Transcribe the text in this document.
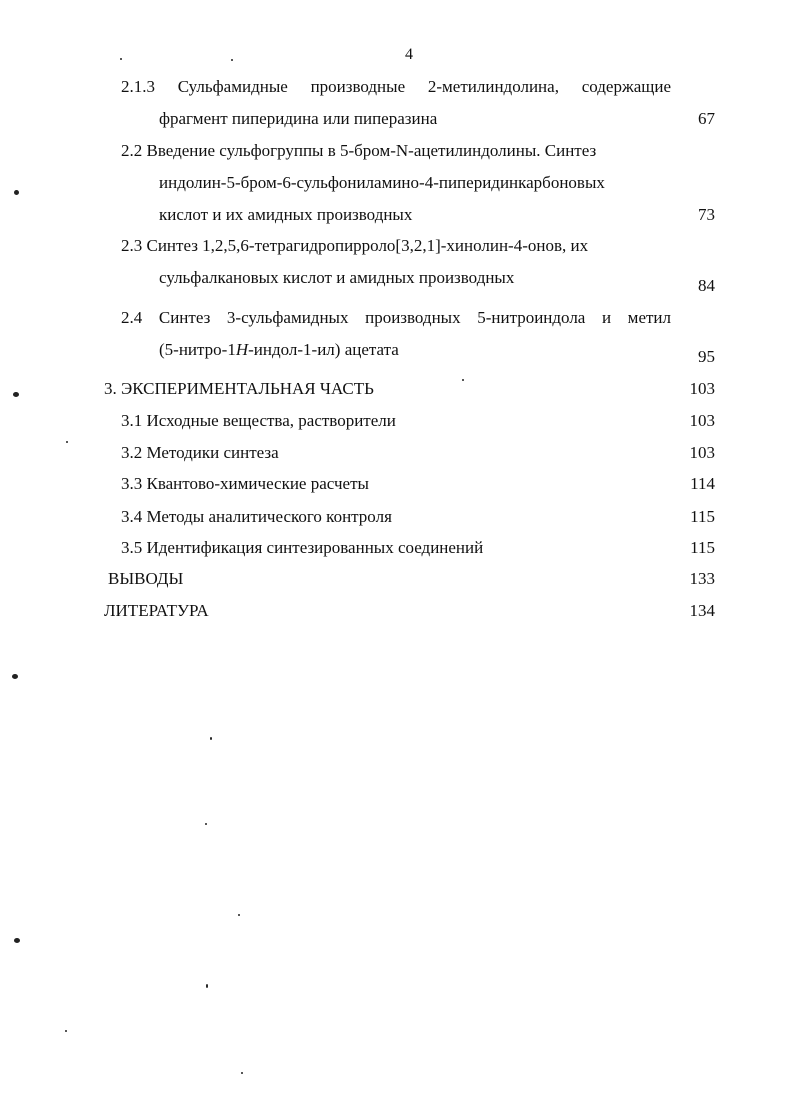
4
2.1.3 Сульфамидные производные 2-метилиндолина, содержащие
фрагмент пиперидина или пиперазина	67
2.2 Введение сульфогруппы в 5-бром-N-ацетилиндолины. Синтез
индолин-5-бром-6-сульфониламино-4-пиперидинкарбоновых
кислот и их амидных производных	73
2.3 Синтез 1,2,5,6-тетрагидропирроло[3,2,1]-хинолин-4-онов, их
сульфалкановых кислот и амидных производных	84
2.4 Синтез 3-сульфамидных производных 5-нитроиндола и метил
(5-нитро-1H-индол-1-ил) ацетата	95
3. ЭКСПЕРИМЕНТАЛЬНАЯ ЧАСТЬ	103
3.1 Исходные вещества, растворители	103
3.2 Методики синтеза	103
3.3 Квантово-химические расчеты	114
3.4 Методы аналитического контроля	115
3.5 Идентификация синтезированных соединений	115
ВЫВОДЫ	133
ЛИТЕРАТУРА	134
